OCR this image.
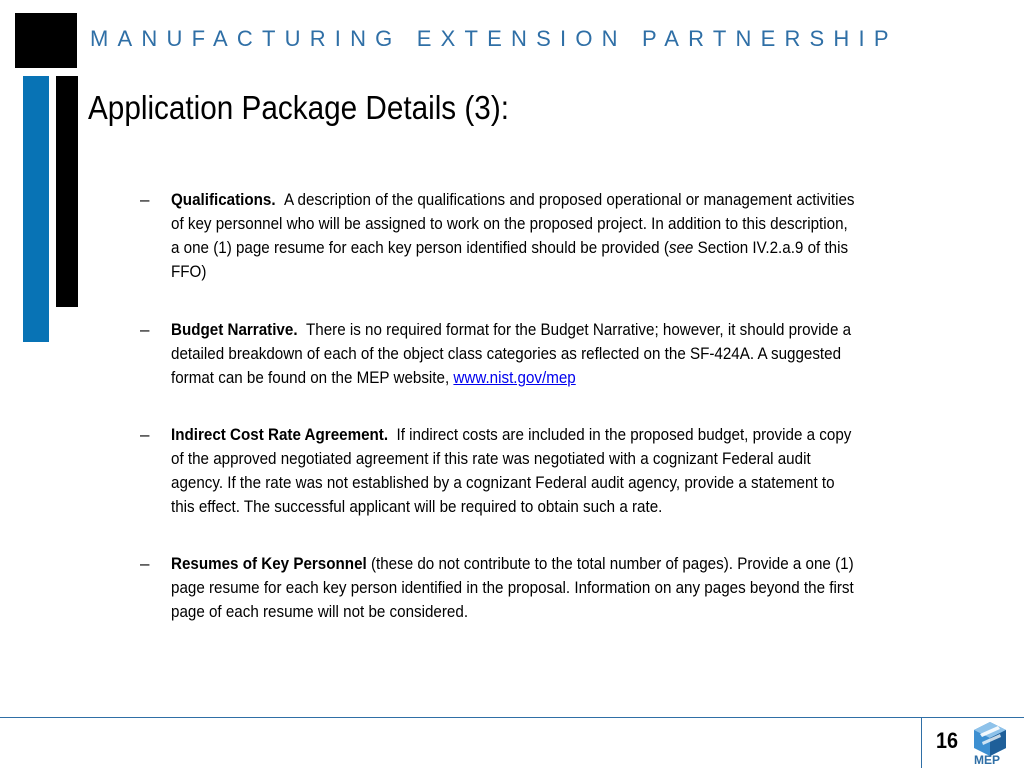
MANUFACTURING EXTENSION PARTNERSHIP
Application Package Details (3):
– Qualifications. A description of the qualifications and proposed operational or management activities of key personnel who will be assigned to work on the proposed project. In addition to this description, a one (1) page resume for each key person identified should be provided (see Section IV.2.a.9 of this FFO)
– Budget Narrative. There is no required format for the Budget Narrative; however, it should provide a detailed breakdown of each of the object class categories as reflected on the SF-424A. A suggested format can be found on the MEP website, www.nist.gov/mep
– Indirect Cost Rate Agreement. If indirect costs are included in the proposed budget, provide a copy of the approved negotiated agreement if this rate was negotiated with a cognizant Federal audit agency. If the rate was not established by a cognizant Federal audit agency, provide a statement to this effect. The successful applicant will be required to obtain such a rate.
– Resumes of Key Personnel (these do not contribute to the total number of pages). Provide a one (1) page resume for each key person identified in the proposal. Information on any pages beyond the first page of each resume will not be considered.
16
MEP
